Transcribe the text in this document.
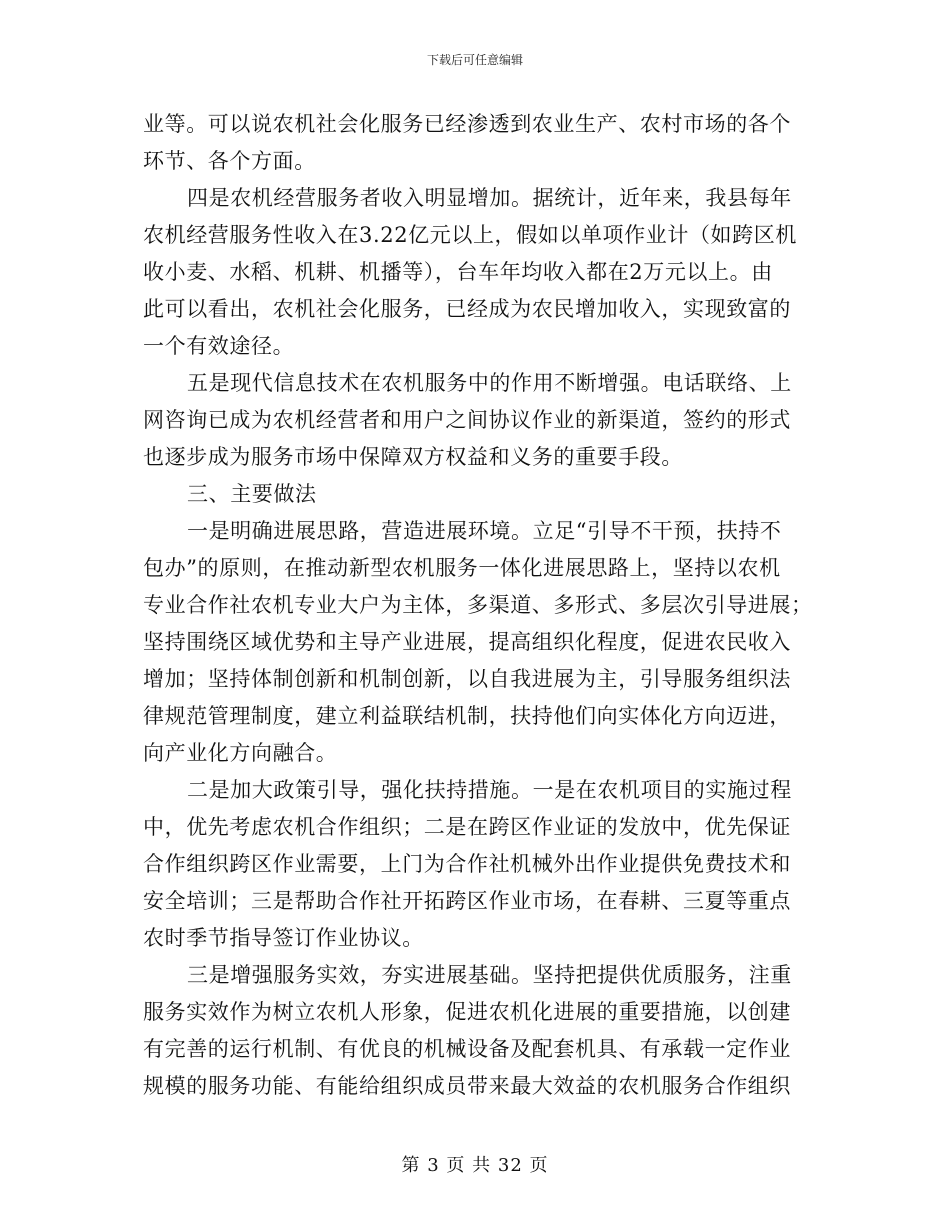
下载后可任意编辑
业等。可以说农机社会化服务已经渗透到农业生产、农村市场的各个
环节、各个方面。
四是农机经营服务者收入明显增加。据统计，近年来，我县每年
农机经营服务性收入在3.22亿元以上，假如以单项作业计（如跨区机
收小麦、水稻、机耕、机播等），台车年均收入都在2万元以上。由
此可以看出，农机社会化服务，已经成为农民增加收入，实现致富的
一个有效途径。
五是现代信息技术在农机服务中的作用不断增强。电话联络、上
网咨询已成为农机经营者和用户之间协议作业的新渠道，签约的形式
也逐步成为服务市场中保障双方权益和义务的重要手段。
三、主要做法
一是明确进展思路，营造进展环境。立足“引导不干预，扶持不
包办”的原则，在推动新型农机服务一体化进展思路上，坚持以农机
专业合作社农机专业大户为主体，多渠道、多形式、多层次引导进展；
坚持围绕区域优势和主导产业进展，提高组织化程度，促进农民收入
增加；坚持体制创新和机制创新，以自我进展为主，引导服务组织法
律规范管理制度，建立利益联结机制，扶持他们向实体化方向迈进，
向产业化方向融合。
二是加大政策引导，强化扶持措施。一是在农机项目的实施过程
中，优先考虑农机合作组织；二是在跨区作业证的发放中，优先保证
合作组织跨区作业需要，上门为合作社机械外出作业提供免费技术和
安全培训；三是帮助合作社开拓跨区作业市场，在春耕、三夏等重点
农时季节指导签订作业协议。
三是增强服务实效，夯实进展基础。坚持把提供优质服务，注重
服务实效作为树立农机人形象，促进农机化进展的重要措施，以创建
有完善的运行机制、有优良的机械设备及配套机具、有承载一定作业
规模的服务功能、有能给组织成员带来最大效益的农机服务合作组织
第 3 页 共 32 页
